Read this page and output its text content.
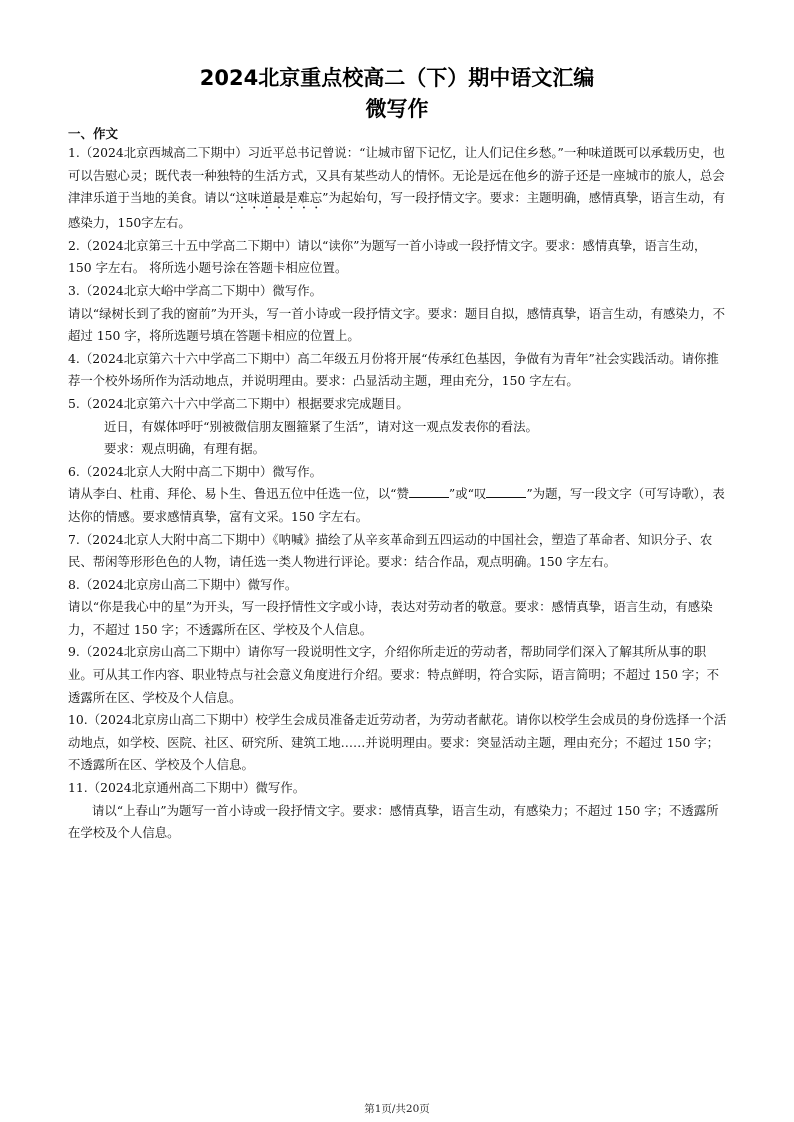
2024北京重点校高二（下）期中语文汇编
微写作
一、作文

1.（2024北京西城高二下期中）习近平总书记曾说：“让城市留下记忆，让人们记住乡愁。”一种味道既可以承载历史，也可以告慰心灵；既代表一种独特的生活方式，又具有某些动人的情怀。无论是远在他乡的游子还是一座城市的旅人，总会津津乐道于当地的美食。请以“这味道最是难忘”为起始句，写一段抒情文字。要求：主题明确，感情真挚，语言生动，有感染力，150字左右。

2.（2024北京第三十五中学高二下期中）请以“读你”为题写一首小诗或一段抒情文字。要求：感情真挚，语言生动，150 字左右。 将所选小题号涂在答题卡相应位置。

3.（2024北京大峪中学高二下期中）微写作。

请以“绿树长到了我的窗前”为开头，写一首小诗或一段抒情文字。要求：题目自拟，感情真挚，语言生动，有感染力，不超过 150 字，将所选题号填在答题卡相应的位置上。

4.（2024北京第六十六中学高二下期中）高二年级五月份将开展“传承红色基因，争做有为青年”社会实践活动。请你推荐一个校外场所作为活动地点，并说明理由。要求：凸显活动主题，理由充分，150 字左右。

5.（2024北京第六十六中学高二下期中）根据要求完成题目。

近日，有媒体呼吁“别被微信朋友圈箍紧了生活”，请对这一观点发表你的看法。

要求：观点明确，有理有据。

6.（2024北京人大附中高二下期中）微写作。

请从李白、杜甫、拜伦、易卜生、鲁迅五位中任选一位，以“赞	”或“叹	”为题，写一段文字（可写诗歌），表达你的情感。要求感情真挚，富有文采。150 字左右。

7.（2024北京人大附中高二下期中）《呐喊》描绘了从辛亥革命到五四运动的中国社会，塑造了革命者、知识分子、农民、帮闲等形形色色的人物，请任选一类人物进行评论。要求：结合作品，观点明确。150 字左右。

8.（2024北京房山高二下期中）微写作。

请以“你是我心中的星”为开头，写一段抒情性文字或小诗，表达对劳动者的敬意。要求：感情真挚，语言生动，有感染力，不超过 150 字；不透露所在区、学校及个人信息。

9.（2024北京房山高二下期中）请你写一段说明性文字，介绍你所走近的劳动者，帮助同学们深入了解其所从事的职业。可从其工作内容、职业特点与社会意义角度进行介绍。要求：特点鲜明，符合实际，语言简明；不超过 150 字；不透露所在区、学校及个人信息。

10.（2024北京房山高二下期中）校学生会成员准备走近劳动者，为劳动者献花。请你以校学生会成员的身份选择一个活动地点，如学校、医院、社区、研究所、建筑工地……并说明理由。要求：突显活动主题，理由充分；不超过 150 字；不透露所在区、学校及个人信息。

11.（2024北京通州高二下期中）微写作。

请以“上春山”为题写一首小诗或一段抒情文字。要求：感情真挚，语言生动，有感染力；不超过 150 字；不透露所在学校及个人信息。

第1页/共20页
